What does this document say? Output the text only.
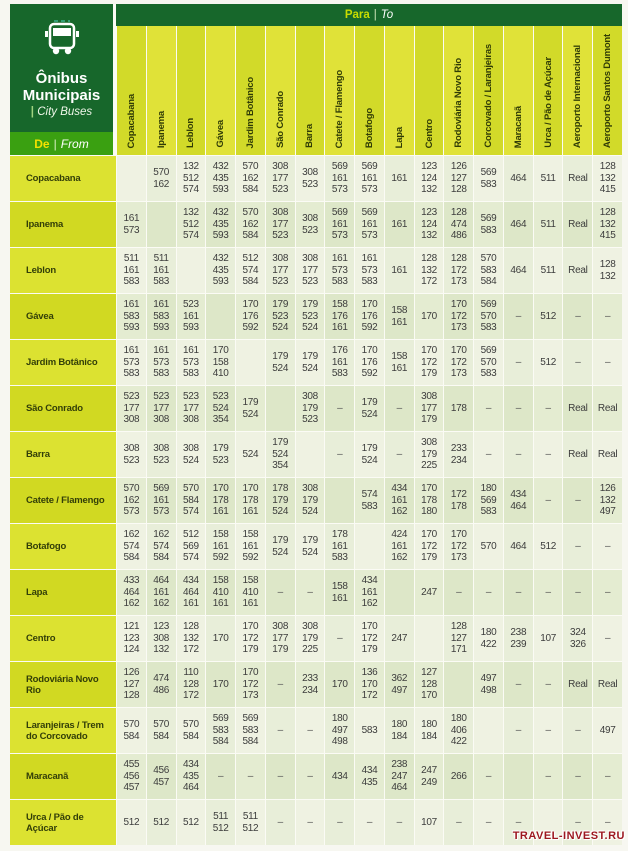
Ônibus
Municipais
| City Buses
De | From
Para | To
Copacabana Ipanema Leblon Gávea Jardim Botânico São Conrado Barra Catete / Flamengo Botafogo Lapa Centro Rodoviária Novo Rio Corcovado / Laranjeiras Maracanã Urca / Pão de Açúcar Aeroporto Internacional Aeroporto Santos Dumont
Copacabana
570
162
132
512
574
432
435
593
570
162
584
308
177
523
308
523
569
161
573
569
161
573
161
123
124
132
126
127
128
569
583
464 511 Real
128
132
415
Ipanema
161
573
132
512
574
432
435
593
570
162
584
308
177
523
308
523
569
161
573
569
161
573
161
123
124
132
128
474
486
569
583
464 511 Real
128
132
415
Leblon
511
161
583
511
161
583
432
435
593
512
574
584
308
177
523
308
177
523
161
573
583
161
573
583
161
128
132
172
128
172
173
570
583
584
464 511 Real
128
132
Gávea
161
583
593
161
583
593
523
161
593
170
176
592
179
523
524
179
523
524
158
176
161
170
176
592
158
161
170
170
172
173
569
570
583
– 512 – –
Jardim Botânico
161
573
583
161
573
583
161
573
583
170
158
410
179
524
179
524
176
161
583
170
176
592
158
161
170
172
179
170
172
173
569
570
583
– 512 – –
São Conrado
523
177
308
523
177
308
523
177
308
523
524
354
179
524
308
179
523
–
179
524
–
308
177
179
178 – – – Real Real
Barra
308
523
308
523
308
524
179
523
524
179
524
354
–
179
524
–
308
179
225
233
234
– – – Real Real
Catete / Flamengo
570
162
573
569
161
573
570
584
574
170
178
161
170
178
161
178
179
524
308
179
524
574
583
434
161
162
170
178
180
172
178
180
569
583
434
464
– –
126
132
497
Botafogo
162
574
584
162
574
584
512
569
574
158
161
592
158
161
592
179
524
179
524
178
161
583
424
161
162
170
172
179
170
172
173
570 464 512 – –
Lapa
433
464
162
464
161
162
434
464
161
158
410
161
158
410
161
– –
158
161
434
161
162
247 – – – – – –
Centro
121
123
124
123
308
132
128
132
172
170
170
172
179
308
177
179
308
179
225
–
170
172
179
247
128
127
171
180
422
238
239
107
324
326
–
Rodoviária Novo Rio
126
127
128
474
486
110
128
172
170
170
172
173
–
233
234
170
136
170
172
362
497
127
128
170
497
498
– – Real Real
Laranjeiras / Trem do Corcovado
570
584
570
584
570
584
569
583
584
569
583
584
– –
180
497
498
583
180
184
180
184
180
406
422
– – – 497
Maracanã
455
456
457
456
457
434
435
464
– – – – 434
434
435
238
247
464
247
249
266 –	– – –
Urca / Pão de Açúcar
512 512 512
511
512
511
512
– – – – – 107 – – –	– –
TRAVEL-INVEST.RU
